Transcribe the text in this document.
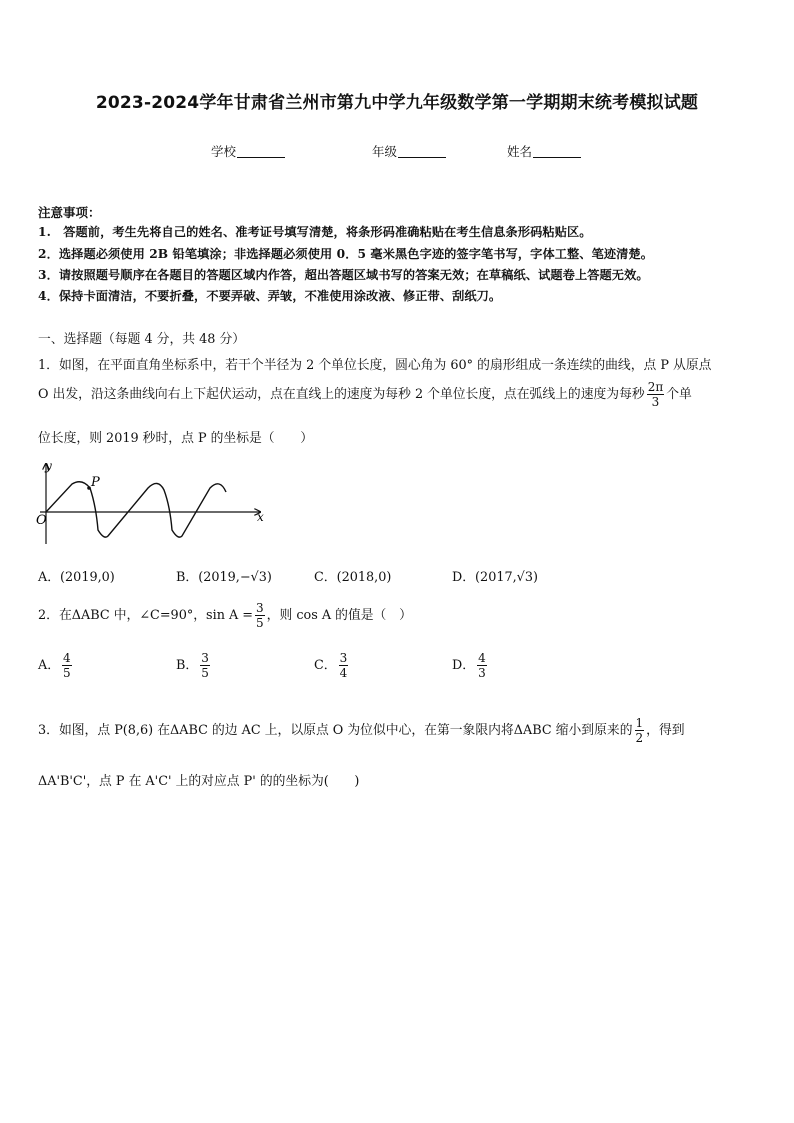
2023-2024学年甘肃省兰州市第九中学九年级数学第一学期期末统考模拟试题
学校	年级	姓名
注意事项：
1.　答题前，考生先将自己的姓名、准考证号填写清楚，将条形码准确粘贴在考生信息条形码粘贴区。
2．选择题必须使用 2B 铅笔填涂；非选择题必须使用 0．5 毫米黑色字迹的签字笔书写，字体工整、笔迹清楚。
3．请按照题号顺序在各题目的答题区域内作答，超出答题区域书写的答案无效；在草稿纸、试题卷上答题无效。
4．保持卡面清洁，不要折叠，不要弄破、弄皱，不准使用涂改液、修正带、刮纸刀。
一、选择题（每题 4 分，共 48 分）
1．如图，在平面直角坐标系中，若干个半径为 2 个单位长度，圆心角为 60° 的扇形组成一条连续的曲线，点 P 从原点
O 出发，沿这条曲线向右上下起伏运动，点在直线上的速度为每秒 2 个单位长度，点在弧线上的速度为每秒 $\frac{2\pi}{3}$ 个单
位长度，则 2019 秒时，点 P 的坐标是（　　）
y
x
O
P
A．(2019,0)	B．(2019,−√3)	C．(2018,0)	D．(2017,√3)
2．在ΔABC 中，∠C=90°，$\sin A = \frac{3}{5}$ ，则 cos A 的值是（　）
A． $\frac{4}{5}$	B． $\frac{3}{5}$	C． $\frac{3}{4}$	D． $\frac{4}{3}$
3．如图，点 P(8,6) 在ΔABC 的边 AC 上，以原点 O 为位似中心，在第一象限内将ΔABC 缩小到原来的 $\frac{1}{2}$ ，得到
ΔA'B'C'，点 P 在 A'C' 上的对应点 P' 的的坐标为(　　)
